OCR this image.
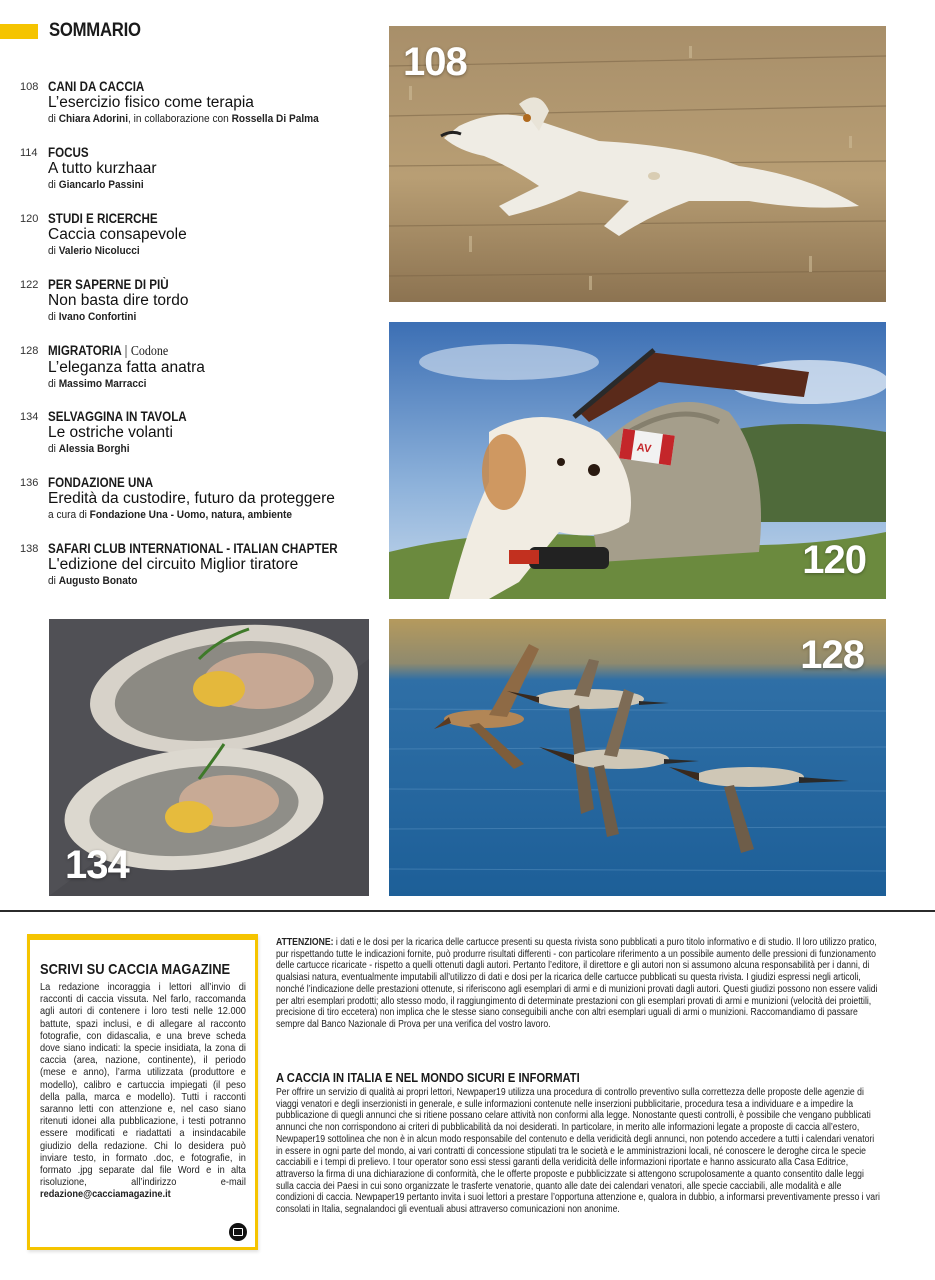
SOMMARIO
108 CANI DA CACCIA
L’esercizio fisico come terapia
di Chiara Adorini, in collaborazione con Rossella Di Palma
114 FOCUS
A tutto kurzhaar
di Giancarlo Passini
120 STUDI E RICERCHE
Caccia consapevole
di Valerio Nicolucci
122 PER SAPERNE DI PIÙ
Non basta dire tordo
di Ivano Confortini
128 MIGRATORIA | Codone
L’eleganza fatta anatra
di Massimo Marracci
134 SELVAGGINA IN TAVOLA
Le ostriche volanti
di Alessia Borghi
136 FONDAZIONE UNA
Eredità da custodire, futuro da proteggere
a cura di Fondazione Una - Uomo, natura, ambiente
138 SAFARI CLUB INTERNATIONAL - ITALIAN CHAPTER
L'edizione del circuito Miglior tiratore
di Augusto Bonato
108
AV
120
134
128
SCRIVI SU CACCIA MAGAZINE
La redazione incoraggia i lettori all’invio di racconti di caccia vissuta. Nel farlo, raccomanda agli autori di contenere i loro testi nelle 12.000 battute, spazi inclusi, e di allegare al racconto fotografie, con didascalia, e una breve scheda dove siano indicati: la specie insidiata, la zona di caccia (area, nazione, continente), il periodo (mese e anno), l’arma utilizzata (produttore e modello), calibro e cartuccia impiegati (il peso della palla, marca e modello). Tutti i racconti saranno letti con attenzione e, nel caso siano ritenuti idonei alla pubblicazione, i testi potranno essere modificati e riadattati a insindacabile giudizio della redazione. Chi lo desidera può inviare testo, in formato .doc, e fotografie, in formato .jpg separate dal file Word e in alta risoluzione, all’indirizzo e-mail redazione@cacciamagazine.it
ATTENZIONE: i dati e le dosi per la ricarica delle cartucce presenti su questa rivista sono pubblicati a puro titolo informativo e di studio. Il loro utilizzo pratico, pur rispettando tutte le indicazioni fornite, può produrre risultati differenti - con particolare riferimento a un possibile aumento delle pressioni di funzionamento delle cartucce ricaricate - rispetto a quelli ottenuti dagli autori. Pertanto l’editore, il direttore e gli autori non si assumono alcuna responsabilità per i danni, di qualsiasi natura, eventualmente imputabili all’utilizzo di dati e dosi per la ricarica delle cartucce pubblicati su questa rivista. I giudizi espressi negli articoli, nonché l’indicazione delle prestazioni ottenute, si riferiscono agli esemplari di armi e di munizioni provati dagli autori. Questi giudizi possono non essere validi per altri esemplari prodotti; allo stesso modo, il raggiungimento di determinate prestazioni con gli esemplari provati di armi e munizioni (velocità dei proiettili, precisione di tiro eccetera) non implica che le stesse siano conseguibili anche con altri esemplari uguali di armi o munizioni. Raccomandiamo di passare sempre dal Banco Nazionale di Prova per una verifica del vostro lavoro.
A CACCIA IN ITALIA E NEL MONDO SICURI E INFORMATI
Per offrire un servizio di qualità ai propri lettori, Newpaper19 utilizza una procedura di controllo preventivo sulla correttezza delle proposte delle agenzie di viaggi venatori e degli inserzionisti in generale, e sulle informazioni contenute nelle inserzioni pubblicitarie, procedura tesa a individuare e a impedire la pubblicazione di quegli annunci che si ritiene possano celare attività non conformi alla legge. Nonostante questi controlli, è possibile che vengano pubblicati annunci che non corrispondono ai criteri di pubblicabilità da noi desiderati. In particolare, in merito alle informazioni legate a proposte di caccia all’estero, Newpaper19 sottolinea che non è in alcun modo responsabile del contenuto e della veridicità degli annunci, non potendo accedere a tutti i calendari venatori in essere in ogni parte del mondo, ai vari contratti di concessione stipulati tra le società e le amministrazioni locali, né conoscere le deroghe circa le specie cacciabili e i tempi di prelievo. I tour operator sono essi stessi garanti della veridicità delle informazioni riportate e hanno assicurato alla Casa Editrice, attraverso la firma di una dichiarazione di conformità, che le offerte proposte e pubblicizzate si attengono scrupolosamente a quanto consentito dalle leggi sulla caccia dei Paesi in cui sono organizzate le trasferte venatorie, quanto alle date dei calendari venatori, alle specie cacciabili, alle modalità e alle condizioni di caccia. Newpaper19 pertanto invita i suoi lettori a prestare l’opportuna attenzione e, qualora in dubbio, a informarsi preventivamente presso i vari consolati in Italia, segnalandoci gli eventuali abusi attraverso comunicazioni non anonime.
